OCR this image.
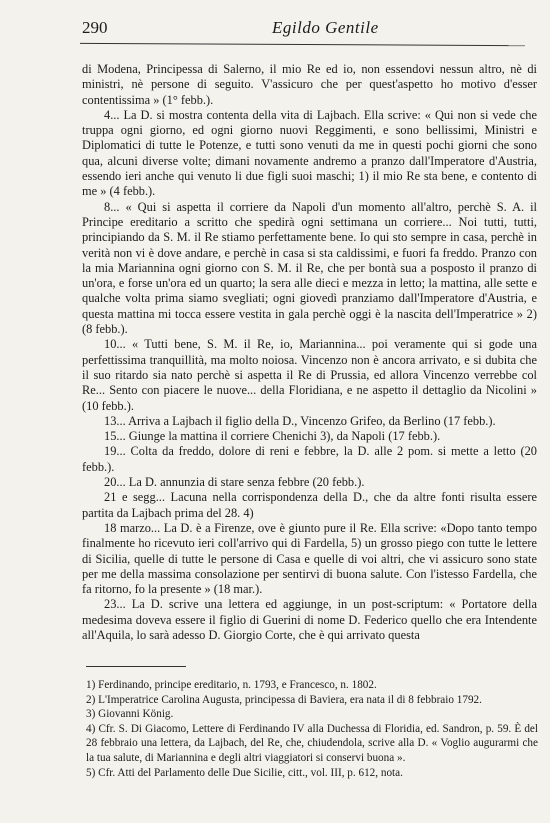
290	Egildo Gentile

di Modena, Principessa di Salerno, il mio Re ed io, non essendovi nessun altro, nè di ministri, nè persone di seguito. V'assicuro che per quest'aspetto ho motivo d'esser contentissima » (1° febb.).

4... La D. si mostra contenta della vita di Lajbach. Ella scrive: « Qui non si vede che truppa ogni giorno, ed ogni giorno nuovi Reggimenti, e sono bellissimi, Ministri e Diplomatici di tutte le Potenze, e tutti sono venuti da me in questi pochi giorni che sono qua, alcuni diverse volte; dimani novamente andremo a pranzo dall'Imperatore d'Austria, essendo ieri anche qui venuto li due figli suoi maschi; 1) il mio Re sta bene, e contento di me » (4 febb.).

8... « Qui si aspetta il corriere da Napoli d'un momento all'altro, perchè S. A. il Principe ereditario a scritto che spedirà ogni settimana un corriere... Noi tutti, tutti, principiando da S. M. il Re stiamo perfettamente bene. Io qui sto sempre in casa, perchè in verità non vi è dove andare, e perchè in casa si sta caldissimi, e fuori fa freddo. Pranzo con la mia Mariannina ogni giorno con S. M. il Re, che per bontà sua a posposto il pranzo di un'ora, e forse un'ora ed un quarto; la sera alle dieci e mezza in letto; la mattina, alle sette e qualche volta prima siamo svegliati; ogni giovedì pranziamo dall'Imperatore d'Austria, e questa mattina mi tocca essere vestita in gala perchè oggi è la nascita dell'Imperatrice » 2) (8 febb.).

10... « Tutti bene, S. M. il Re, io, Mariannina... poi veramente qui si gode una perfettissima tranquillità, ma molto noiosa. Vincenzo non è ancora arrivato, e si dubita che il suo ritardo sia nato perchè si aspetta il Re di Prussia, ed allora Vincenzo verrebbe col Re... Sento con piacere le nuove... della Floridiana, e ne aspetto il dettaglio da Nicolini » (10 febb.).

13... Arriva a Lajbach il figlio della D., Vincenzo Grifeo, da Berlino (17 febb.).

15... Giunge la mattina il corriere Chenichi 3), da Napoli (17 febb.).

19... Colta da freddo, dolore di reni e febbre, la D. alle 2 pom. si mette a letto (20 febb.).

20... La D. annunzia di stare senza febbre (20 febb.).

21 e segg... Lacuna nella corrispondenza della D., che da altre fonti risulta essere partita da Lajbach prima del 28. 4)

18 marzo... La D. è a Firenze, ove è giunto pure il Re. Ella scrive: «Dopo tanto tempo finalmente ho ricevuto ieri coll'arrivo qui di Fardella, 5) un grosso piego con tutte le lettere di Sicilia, quelle di tutte le persone di Casa e quelle di voi altri, che vi assicuro sono state per me della massima consolazione per sentirvi di buona salute. Con l'istesso Fardella, che fa ritorno, fo la presente » (18 mar.).

23... La D. scrive una lettera ed aggiunge, in un post-scriptum: « Portatore della medesima doveva essere il figlio di Guerini di nome D. Federico quello che era Intendente all'Aquila, lo sarà adesso D. Giorgio Corte, che è qui arrivato questa

1) Ferdinando, principe ereditario, n. 1793, e Francesco, n. 1802.

2) L'Imperatrice Carolina Augusta, principessa di Baviera, era nata il di 8 febbraio 1792.

3) Giovanni König.

4) Cfr. S. Di Giacomo, Lettere di Ferdinando IV alla Duchessa di Floridia, ed. Sandron, p. 59. È del 28 febbraio una lettera, da Lajbach, del Re, che, chiudendola, scrive alla D. « Voglio augurarmi che la tua salute, di Mariannina e degli altri viaggiatori si conservi buona ».

5) Cfr. Atti del Parlamento delle Due Sicilie, citt., vol. III, p. 612, nota.
